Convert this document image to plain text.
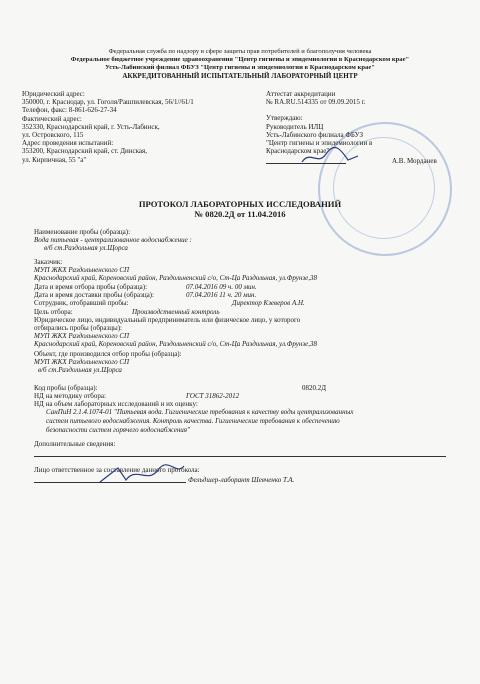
Федеральная служба по надзору в сфере защиты прав потребителей и благополучия человека
Федеральное бюджетное учреждение здравоохранения "Центр гигиены и эпидемиологии в Краснодарском крае"
Усть-Лабинский филиал ФБУЗ "Центр гигиены и эпидемиологии в Краснодарском крае"
АККРЕДИТОВАННЫЙ ИСПЫТАТЕЛЬНЫЙ ЛАБОРАТОРНЫЙ ЦЕНТР
Юридический адрес:
350000, г. Краснодар, ул. Гоголя/Рашпилевская, 56/1//61/1
Телефон, факс: 8-861-626-27-34
Фактический адрес:
352330, Краснодарский край, г. Усть-Лабинск,
ул. Островского, 115
Адрес проведения испытаний:
353200, Краснодарский край, ст. Динская,
ул. Кирпичная, 55 "а"
Аттестат аккредитации
№ RA.RU.514335 от 09.09.2015 г.
Утверждаю:
Руководитель ИЛЦ
Усть-Лабинского филиала ФБУЗ
"Центр гигиены и эпидемиологии в
Краснодарском крае"
А.В. Морданев
ПРОТОКОЛ ЛАБОРАТОРНЫХ ИССЛЕДОВАНИЙ
№ 0820.2Д от 11.04.2016
Наименование пробы (образца):
Вода питьевая - централизованное водоснабжение :
в/б ст.Раздольная ул.Щорса
Заказчик:
МУП ЖКХ Раздольненского СП
Краснодарский край, Кореновский район, Раздольненский с/о, Ст-Ца Раздольная, ул.Фрунзе,38
Дата и время отбора пробы (образца):	07.04.2016 09 ч. 00 мин.
Дата и время доставки пробы (образца):	07.04.2016 11 ч. 20 мин.
Сотрудник, отобравший пробы:	Директор Кзеверов А.Н.
Цель отбора:	Производственный контроль
Юридическое лицо, индивидуальный предприниматель или физическое лицо, у которого
отбирались пробы (образцы):
МУП ЖКХ Раздольненского СП
Краснодарский край, Кореновский район, Раздольненский с/о, Ст-Ца Раздольная, ул.Фрунзе,38
Объект, где производился отбор пробы (образца):
МУП ЖКХ Раздольненского СП
в/б ст.Раздольная ул.Щорса
Код пробы (образца):	0820.2Д
НД на методику отбора:	ГОСТ 31862-2012
НД на объем лабораторных исследований и их оценку:
СанПиН 2.1.4.1074-01 "Питьевая вода. Гигиенические требования к качеству воды централизованных
систем питьевого водоснабжения. Контроль качества. Гигиенические требования к обеспечению
безопасности систем горячего водоснабжения"
Дополнительные сведения:
Лицо ответственное за составление данного протокола:
Фельдшер-лаборант Шевченко Т.А.
